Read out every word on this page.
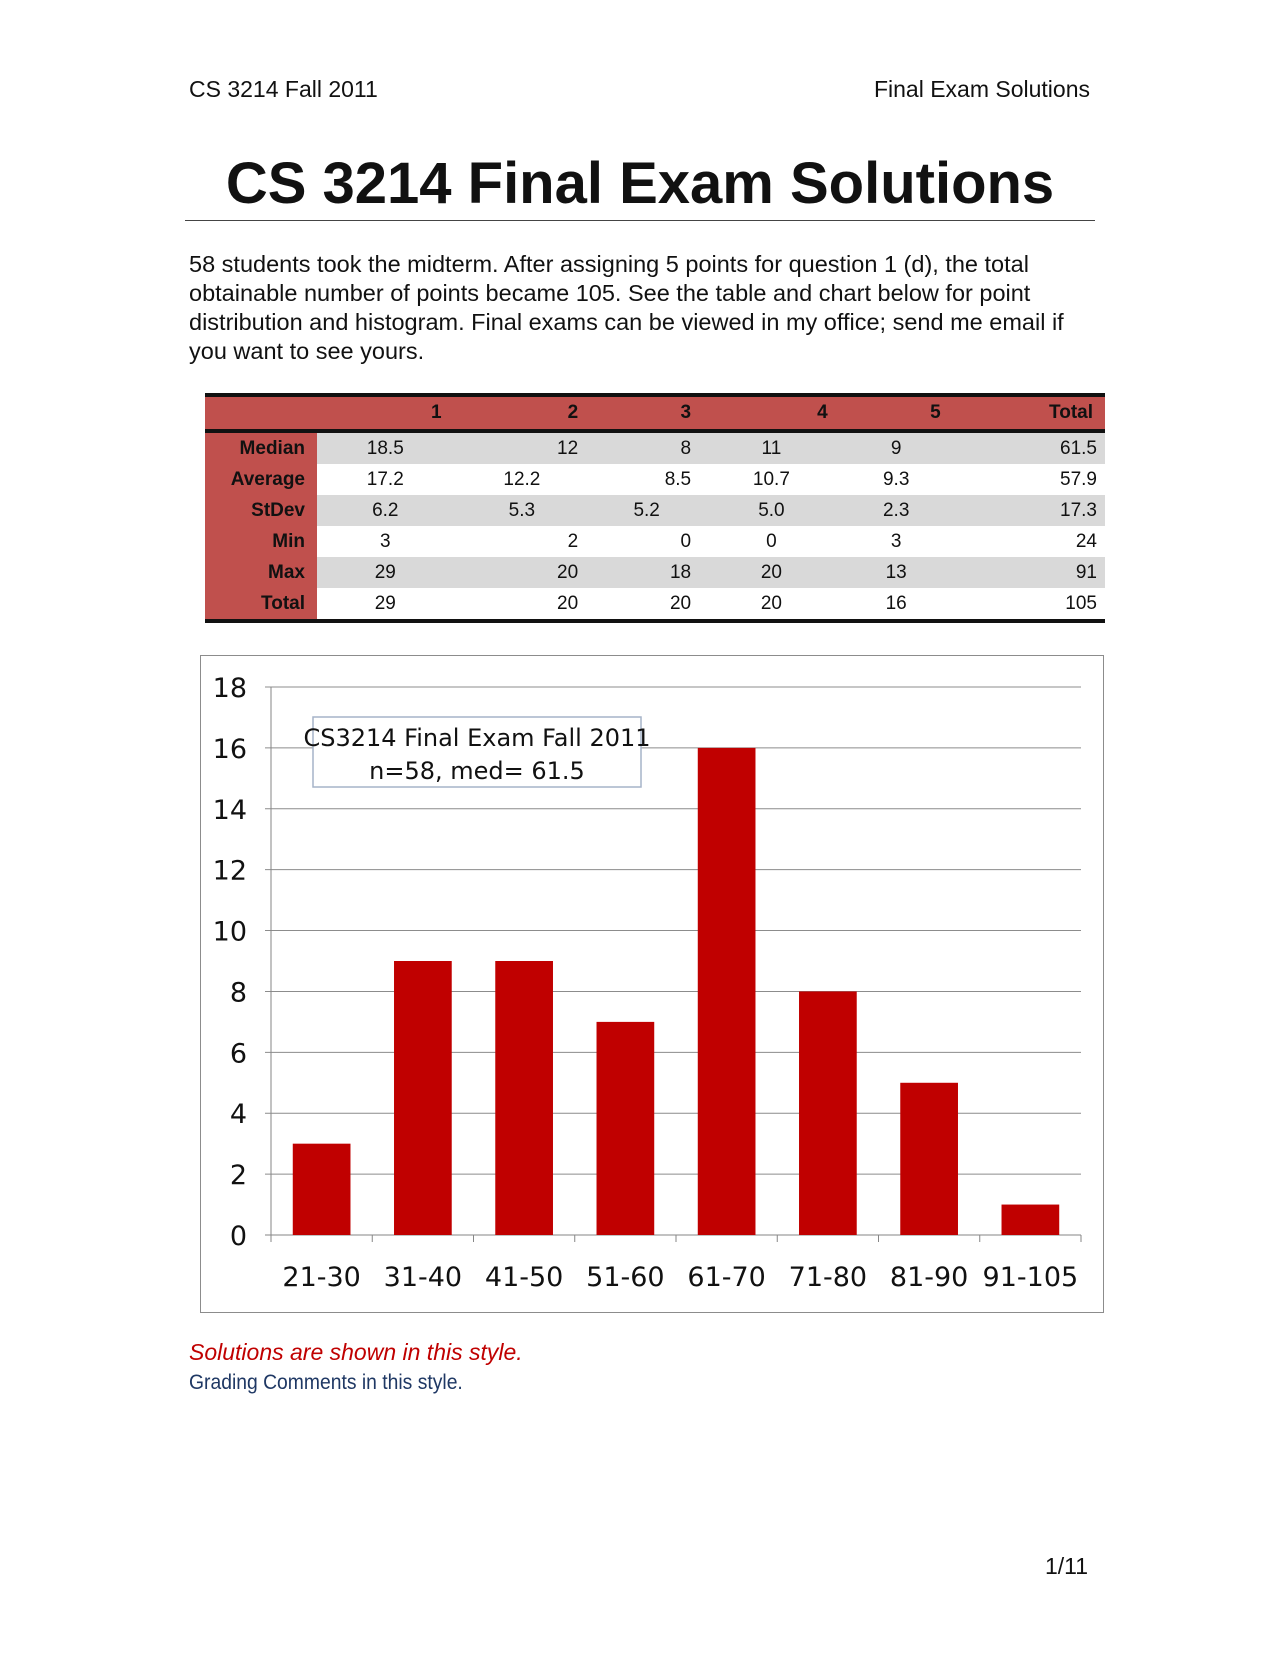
CS 3214 Fall 2011	Final Exam Solutions
CS 3214 Final Exam Solutions

58 students took the midterm. After assigning 5 points for question 1 (d), the total obtainable number of points became 105. See the table and chart below for point distribution and histogram. Final exams can be viewed in my office; send me email if you want to see yours.

	1	2	3	4	5	Total
Median	18.5	12	8	11	9	61.5
Average	17.2	12.2	8.5	10.7	9.3	57.9
StDev	6.2	5.3	5.2	5.0	2.3	17.3
Min	3	2	0	0	3	24
Max	29	20	18	20	13	91
Total	29	20	20	20	16	105
0
2
4
6
8
10
12
14
16
18
21-30 31-40 41-50 51-60 61-70 71-80 81-90 91-105
CS3214 Final Exam Fall 2011
n=58, med= 61.5
Solutions are shown in this style.
Grading Comments in this style.
1/11
